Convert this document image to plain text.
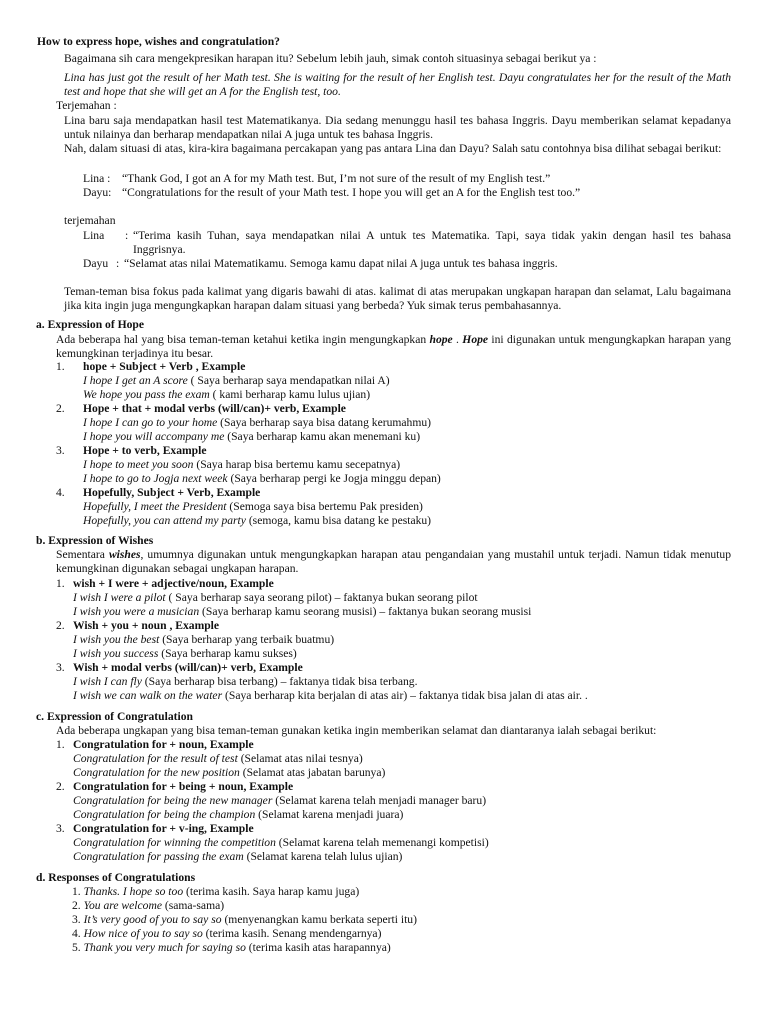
How to express hope, wishes and congratulation?
Bagaimana sih cara mengekpresikan harapan itu? Sebelum lebih jauh, simak contoh situasinya sebagai berikut ya :
Lina has just got the result of her Math test. She is waiting for the result of her English test. Dayu congratulates her for the result of the Math test and hope that she will get an A for the English test, too.
Terjemahan :
Lina baru saja mendapatkan hasil test Matematikanya. Dia sedang menunggu hasil tes bahasa Inggris. Dayu memberikan selamat kepadanya untuk nilainya dan berharap mendapatkan nilai A juga untuk tes bahasa Inggris.
Nah, dalam situasi di atas, kira-kira bagaimana percakapan yang pas antara Lina dan Dayu? Salah satu contohnya bisa dilihat sebagai berikut:
Lina : “Thank God, I got an A for my Math test. But, I’m not sure of the result of my English test.”
Dayu: “Congratulations for the result of your Math test. I hope you will get an A for the English test too.”
terjemahan
Lina : “Terima kasih Tuhan, saya mendapatkan nilai A untuk tes Matematika. Tapi, saya tidak yakin dengan hasil tes bahasa Inggrisnya.
Dayu : “Selamat atas nilai Matematikamu. Semoga kamu dapat nilai A juga untuk tes bahasa inggris.
Teman-teman bisa fokus pada kalimat yang digaris bawahi di atas. kalimat di atas merupakan ungkapan harapan dan selamat, Lalu bagaimana jika kita ingin juga mengungkapkan harapan dalam situasi yang berbeda? Yuk simak terus pembahasannya.
a. Expression of Hope
Ada beberapa hal yang bisa teman-teman ketahui ketika ingin mengungkapkan hope . Hope ini digunakan untuk mengungkapkan harapan yang kemungkinan terjadinya itu besar.
1. hope + Subject + Verb , Example
I hope I get an A score ( Saya berharap saya mendapatkan nilai A)
We hope you pass the exam ( kami berharap kamu lulus ujian)
2. Hope + that + modal verbs (will/can)+ verb, Example
I hope I can go to your home (Saya berharap saya bisa datang kerumahmu)
I hope you will accompany me (Saya berharap kamu akan menemani ku)
3. Hope + to verb, Example
I hope to meet you soon (Saya harap bisa bertemu kamu secepatnya)
I hope to go to Jogja next week (Saya berharap pergi ke Jogja minggu depan)
4. Hopefully, Subject + Verb, Example
Hopefully, I meet the President (Semoga saya bisa bertemu Pak presiden)
Hopefully, you can attend my party (semoga, kamu bisa datang ke pestaku)
b. Expression of Wishes
Sementara wishes, umumnya digunakan untuk mengungkapkan harapan atau pengandaian yang mustahil untuk terjadi. Namun tidak menutup kemungkinan digunakan sebagai ungkapan harapan.
1. wish + I were + adjective/noun, Example
I wish I were a pilot ( Saya berharap saya seorang pilot) – faktanya bukan seorang pilot
I wish you were a musician (Saya berharap kamu seorang musisi) – faktanya bukan seorang musisi
2. Wish + you + noun , Example
I wish you the best (Saya berharap yang terbaik buatmu)
I wish you success (Saya berharap kamu sukses)
3. Wish + modal verbs (will/can)+ verb, Example
I wish I can fly (Saya berharap bisa terbang) – faktanya tidak bisa terbang.
I wish we can walk on the water (Saya berharap kita berjalan di atas air) – faktanya tidak bisa jalan di atas air. .
c. Expression of Congratulation
Ada beberapa ungkapan yang bisa teman-teman gunakan ketika ingin memberikan selamat dan diantaranya ialah sebagai berikut:
1. Congratulation for + noun, Example
Congratulation for the result of test (Selamat atas nilai tesnya)
Congratulation for the new position (Selamat atas jabatan barunya)
2. Congratulation for + being + noun, Example
Congratulation for being the new manager (Selamat karena telah menjadi manager baru)
Congratulation for being the champion (Selamat karena menjadi juara)
3. Congratulation for + v-ing, Example
Congratulation for winning the competition (Selamat karena telah memenangi kompetisi)
Congratulation for passing the exam (Selamat karena telah lulus ujian)
d. Responses of Congratulations
1. Thanks. I hope so too (terima kasih. Saya harap kamu juga)
2. You are welcome (sama-sama)
3. It’s very good of you to say so (menyenangkan kamu berkata seperti itu)
4. How nice of you to say so (terima kasih. Senang mendengarnya)
5. Thank you very much for saying so (terima kasih atas harapannya)
